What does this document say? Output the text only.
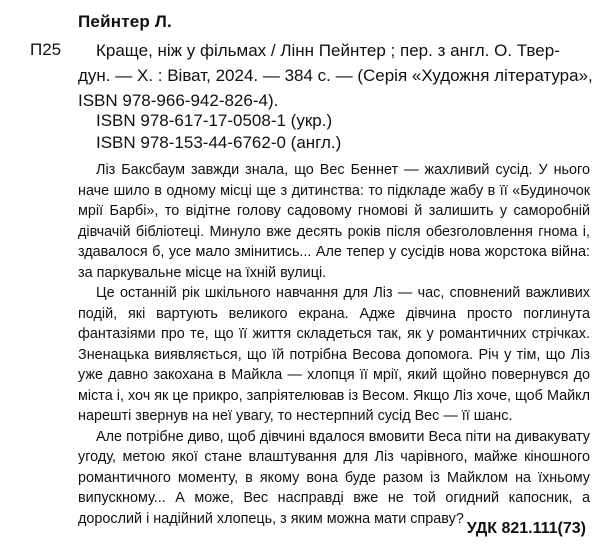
Пейнтер Л.
П25	Краще, ніж у фільмах / Лінн Пейнтер ; пер. з англ. О. Твер-
дун. — Х. : Віват, 2024. — 384 с. — (Серія «Художня література»,
ISBN 978-966-942-826-4).
ISBN 978-617-17-0508-1 (укр.)
ISBN 978-153-44-6762-0 (англ.)

Ліз Баксбаум завжди знала, що Вес Беннет — жахливий сусід. У нього наче шило в одному місці ще з дитинства: то підкладе жабу в її «Будиночок мрії Барбі», то відітне голову садовому гномові й залишить у саморобній дівчачій бібліотеці. Минуло вже десять років після обезголовлення гнома і, здавалося б, усе мало змінитись... Але тепер у сусідів нова жорстока війна: за паркувальне місце на їхній вулиці.

Це останній рік шкільного навчання для Ліз — час, сповнений важливих подій, які вартують великого екрана. Адже дівчина просто поглинута фантазіями про те, що її життя складеться так, як у романтичних стрічках. Зненацька виявляється, що їй потрібна Весова допомога. Річ у тім, що Ліз уже давно закохана в Майкла — хлопця її мрії, який щойно повернувся до міста і, хоч як це прикро, запріятелював із Весом. Якщо Ліз хоче, щоб Майкл нарешті звернув на неї увагу, то нестерпний сусід Вес — її шанс.

Але потрібне диво, щоб дівчині вдалося вмовити Веса піти на дивакувату угоду, метою якої стане влаштування для Ліз чарівного, майже кіношного романтичного моменту, в якому вона буде разом із Майклом на їхньому випускному... А може, Вес насправді вже не той огидний капосник, а дорослий і надійний хлопець, з яким можна мати справу?

УДК 821.111(73)
